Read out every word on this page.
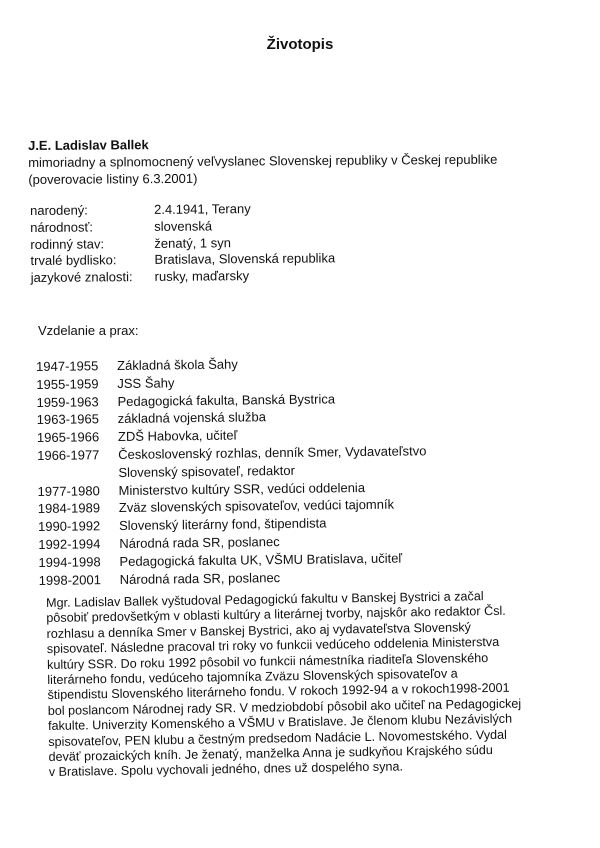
Životopis
J.E. Ladislav Ballek
mimoriadny a splnomocnený veľvyslanec Slovenskej republiky v Českej republike
(poverovacie listiny 6.3.2001)
narodený:	2.4.1941, Terany
národnosť:	slovenská
rodinný stav:	ženatý, 1 syn
trvalé bydlisko:	Bratislava, Slovenská republika
jazykové znalosti:	rusky, maďarsky
Vzdelanie a prax:
1947-1955	Základná škola Šahy
1955-1959	JSS Šahy
1959-1963	Pedagogická fakulta, Banská Bystrica
1963-1965	základná vojenská služba
1965-1966	ZDŠ Habovka, učiteľ
1966-1977	Československý rozhlas, denník Smer, Vydavateľstvo
Slovenský spisovateľ, redaktor
1977-1980	Ministerstvo kultúry SSR, vedúci oddelenia
1984-1989	Zväz slovenských spisovateľov, vedúci tajomník
1990-1992	Slovenský literárny fond, štipendista
1992-1994	Národná rada SR, poslanec
1994-1998	Pedagogická fakulta UK, VŠMU Bratislava, učiteľ
1998-2001	Národná rada SR, poslanec
Mgr. Ladislav Ballek vyštudoval Pedagogickú fakultu v Banskej Bystrici a začal
pôsobiť predovšetkým v oblasti kultúry a literárnej tvorby, najskôr ako redaktor Čsl.
rozhlasu a denníka Smer v Banskej Bystrici, ako aj vydavateľstva Slovenský
spisovateľ. Následne pracoval tri roky vo funkcii vedúceho oddelenia Ministerstva
kultúry SSR. Do roku 1992 pôsobil vo funkcii námestníka riaditeľa Slovenského
literárneho fondu, vedúceho tajomníka Zväzu Slovenských spisovateľov a
štipendistu Slovenského literárneho fondu. V rokoch 1992-94 a v rokoch1998-2001
bol poslancom Národnej rady SR. V medziobdobí pôsobil ako učiteľ na Pedagogickej
fakulte. Univerzity Komenského a VŠMU v Bratislave. Je členom klubu Nezávislých
spisovateľov, PEN klubu a čestným predsedom Nadácie L. Novomestského. Vydal
deväť prozaických kníh. Je ženatý, manželka Anna je sudkyňou Krajského súdu
v Bratislave. Spolu vychovali jedného, dnes už dospelého syna.
